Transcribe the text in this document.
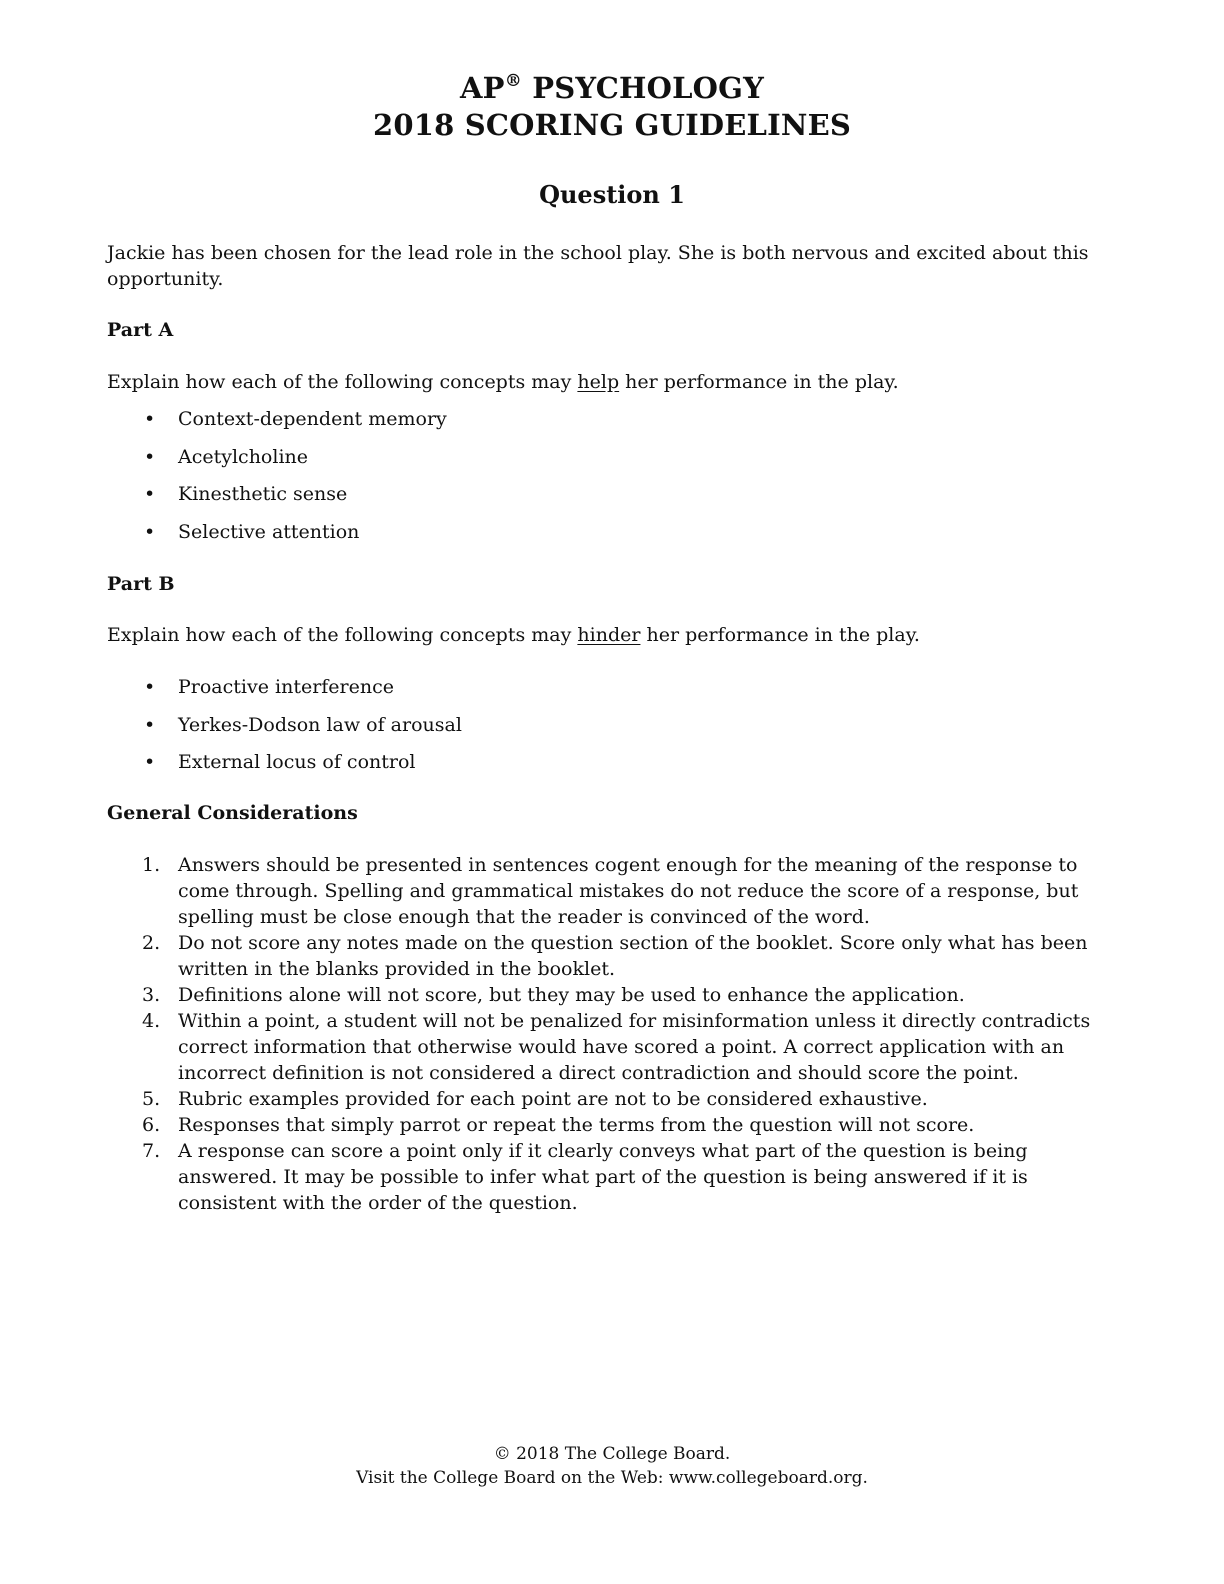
AP® PSYCHOLOGY
2018 SCORING GUIDELINES
Question 1
Jackie has been chosen for the lead role in the school play. She is both nervous and excited about this opportunity.
Part A
Explain how each of the following concepts may help her performance in the play.
• Context-dependent memory
• Acetylcholine
• Kinesthetic sense
• Selective attention
Part B
Explain how each of the following concepts may hinder her performance in the play.
• Proactive interference
• Yerkes-Dodson law of arousal
• External locus of control
General Considerations
1. Answers should be presented in sentences cogent enough for the meaning of the response to come through. Spelling and grammatical mistakes do not reduce the score of a response, but spelling must be close enough that the reader is convinced of the word.
2. Do not score any notes made on the question section of the booklet. Score only what has been written in the blanks provided in the booklet.
3. Definitions alone will not score, but they may be used to enhance the application.
4. Within a point, a student will not be penalized for misinformation unless it directly contradicts correct information that otherwise would have scored a point. A correct application with an incorrect definition is not considered a direct contradiction and should score the point.
5. Rubric examples provided for each point are not to be considered exhaustive.
6. Responses that simply parrot or repeat the terms from the question will not score.
7. A response can score a point only if it clearly conveys what part of the question is being answered. It may be possible to infer what part of the question is being answered if it is consistent with the order of the question.
© 2018 The College Board.
Visit the College Board on the Web: www.collegeboard.org.
